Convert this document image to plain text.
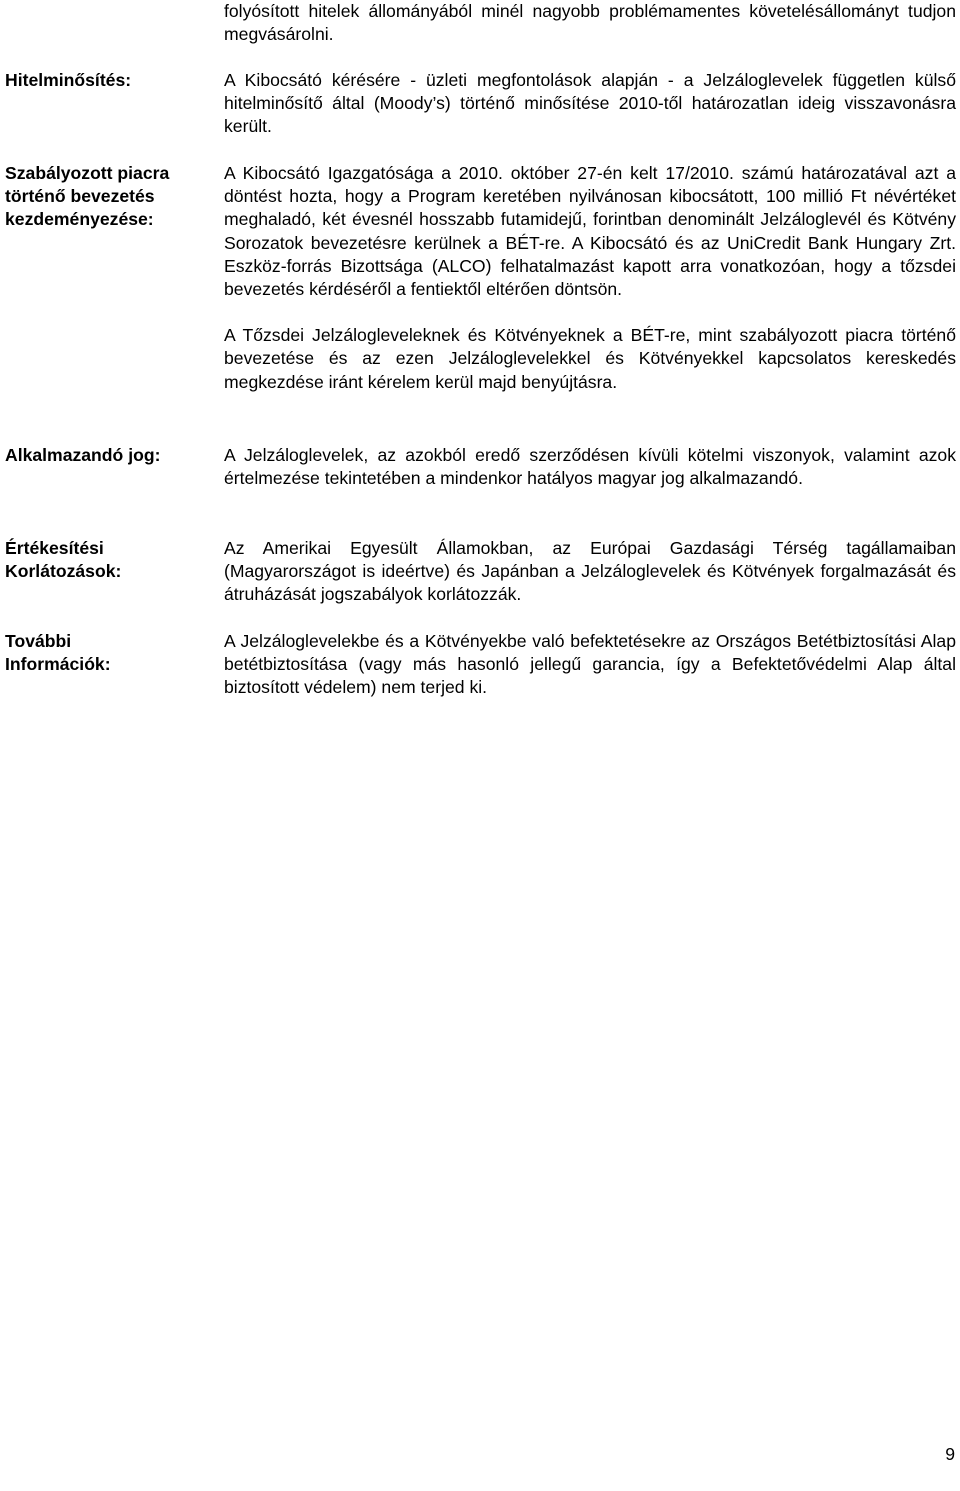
folyósított hitelek állományából minél nagyobb problémamentes követelésállományt tudjon megvásárolni.

Hitelminősítés:	A Kibocsátó kérésére - üzleti megfontolások alapján - a Jelzáloglevelek független külső hitelminősítő által (Moody’s) történő minősítése 2010-től határozatlan ideig visszavonásra került.

Szabályozott piacra
történő bevezetés
kezdeményezése:

A Kibocsátó Igazgatósága a 2010. október 27-én kelt 17/2010. számú határozatával azt a döntést hozta, hogy a Program keretében nyilvánosan kibocsátott, 100 millió Ft névértéket meghaladó, két évesnél hosszabb futamidejű, forintban denominált Jelzáloglevél és Kötvény Sorozatok bevezetésre kerülnek a BÉT-re. A Kibocsátó és az UniCredit Bank Hungary Zrt. Eszköz-forrás Bizottsága (ALCO) felhatalmazást kapott arra vonatkozóan, hogy a tőzsdei bevezetés kérdéséről a fentiektől eltérően döntsön.

A Tőzsdei Jelzálogleveleknek és Kötvényeknek a BÉT-re, mint szabályozott piacra történő bevezetése és az ezen Jelzáloglevelekkel és Kötvényekkel kapcsolatos kereskedés megkezdése iránt kérelem kerül majd benyújtásra.

Alkalmazandó jog:	A Jelzáloglevelek, az azokból eredő szerződésen kívüli kötelmi viszonyok, valamint azok értelmezése tekintetében a mindenkor hatályos magyar jog alkalmazandó.

Értékesítési
Korlátozások:

Az Amerikai Egyesült Államokban, az Európai Gazdasági Térség tagállamaiban (Magyarországot is ideértve) és Japánban a Jelzáloglevelek és Kötvények forgalmazását és átruházását jogszabályok korlátozzák.

További
Információk:

A Jelzáloglevelekbe és a Kötvényekbe való befektetésekre az Országos Betétbiztosítási Alap betétbiztosítása (vagy más hasonló jellegű garancia, így a Befektetővédelmi Alap által biztosított védelem) nem terjed ki.

9
